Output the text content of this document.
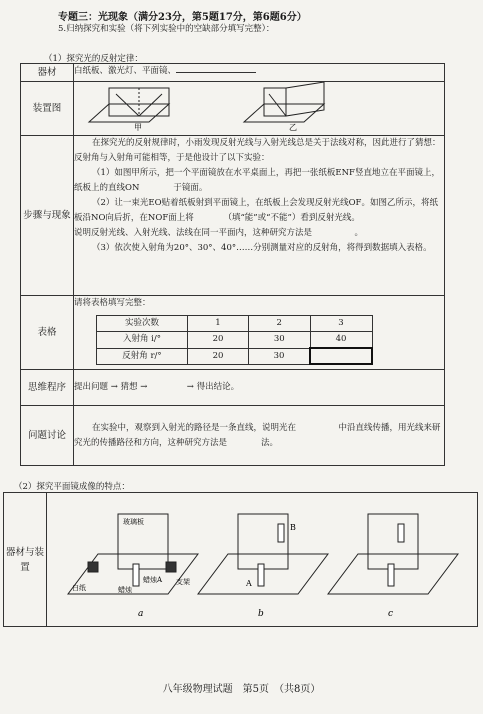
专题三：光现象（满分23分，第5题17分，第6题6分）
5.归纳探究和实验（将下列实验中的空缺部分填写完整）：
（1）探究光的反射定律：
器材	白纸板、激光灯、平面镜、
装置图	
甲	乙

步骤与现象	
在探究光的反射规律时，小雨发现反射光线与入射光线总是关于法线对称，因此进行了猜想：反射角与入射角可能相等，于是他设计了以下实验：
（1）如图甲所示，把一个平面镜放在水平桌面上，再把一张纸板ENF竖直地立在平面镜上，纸板上的直线ON　　　　于镜面。
（2）让一束光EO贴着纸板射到平面镜上，在纸板上会发现反射光线OF。如图乙所示，将纸板沿NO向后折，在NOF面上将　　　　（填“能”或“不能”）看到反射光线。
说明反射光线、入射光线、法线在同一平面内，这种研究方法是　　　　　。
（3）依次使入射角为20°、30°、40°……分别测量对应的反射角，将得到数据填入表格。

表格	
请将表格填写完整：
实验次数	1	2	3
入射角 i/°	20	30	40
反射角 r/°	20	30	

思维程序	提出问题 → 猜想 → 　　　　 → 得出结论。
问题讨论	在实验中，观察到入射光的路径是一条直线，说明光在　　　　　中沿直线传播，用光线来研究光的传播路径和方向，这种研究方法是　　　　法。
（2）探究平面镜成像的特点：
器材与装置	
玻璃板
蜡烛A
蜡烛
白纸
支架	A
B
a	b	c
八年级物理试题　第5页　（共8页）
